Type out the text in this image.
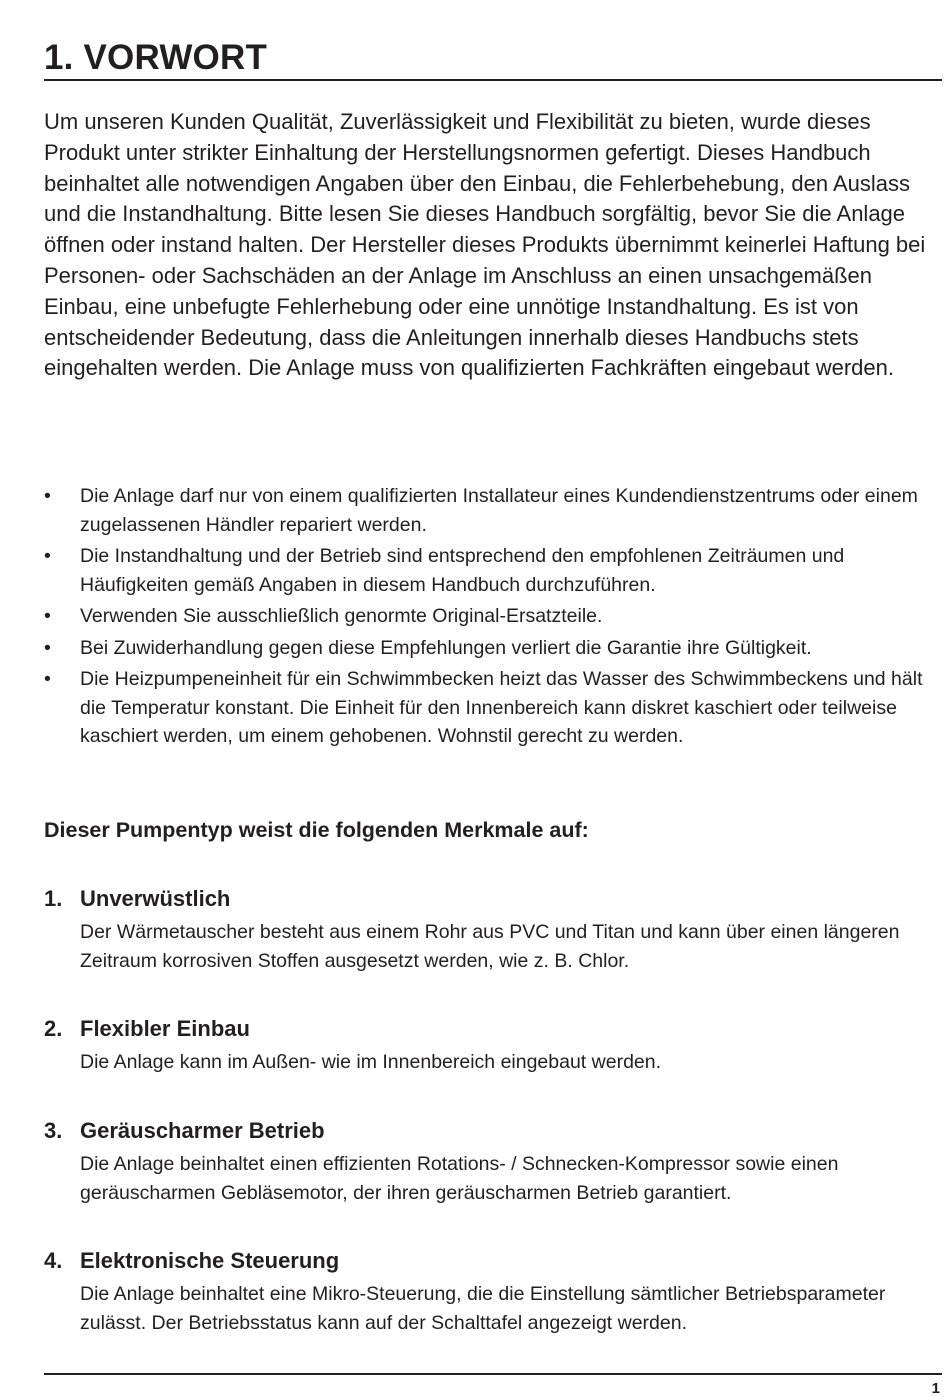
1. VORWORT

Um unseren Kunden Qualität, Zuverlässigkeit und Flexibilität zu bieten, wurde dieses Produkt unter strikter Einhaltung der Herstellungsnormen gefertigt. Dieses Handbuch beinhaltet alle notwendigen Angaben über den Einbau, die Fehlerbehebung, den Auslass und die Instandhaltung. Bitte lesen Sie dieses Handbuch sorgfältig, bevor Sie die Anlage öffnen oder instand halten. Der Hersteller dieses Produkts übernimmt keinerlei Haftung bei Personen- oder Sachschäden an der Anlage im Anschluss an einen unsachgemäßen Einbau, eine unbefugte Fehlerhebung oder eine unnötige Instandhaltung. Es ist von entscheidender Bedeutung, dass die Anleitungen innerhalb dieses Handbuchs stets eingehalten werden. Die Anlage muss von qualifizierten Fachkräften eingebaut werden.

• Die Anlage darf nur von einem qualifizierten Installateur eines Kundendienstzentrums oder einem zugelassenen Händler repariert werden.
• Die Instandhaltung und der Betrieb sind entsprechend den empfohlenen Zeiträumen und Häufigkeiten gemäß Angaben in diesem Handbuch durchzuführen.
• Verwenden Sie ausschließlich genormte Original-Ersatzteile.
• Bei Zuwiderhandlung gegen diese Empfehlungen verliert die Garantie ihre Gültigkeit.
• Die Heizpumpeneinheit für ein Schwimmbecken heizt das Wasser des Schwimmbeckens und hält die Temperatur konstant. Die Einheit für den Innenbereich kann diskret kaschiert oder teilweise kaschiert werden, um einem gehobenen. Wohnstil gerecht zu werden.

Dieser Pumpentyp weist die folgenden Merkmale auf:

1. Unverwüstlich

Der Wärmetauscher besteht aus einem Rohr aus PVC und Titan und kann über einen längeren Zeitraum korrosiven Stoffen ausgesetzt werden, wie z. B. Chlor.

2. Flexibler Einbau

Die Anlage kann im Außen- wie im Innenbereich eingebaut werden.

3. Geräuscharmer Betrieb

Die Anlage beinhaltet einen effizienten Rotations- / Schnecken-Kompressor sowie einen geräuscharmen Gebläsemotor, der ihren geräuscharmen Betrieb garantiert.

4. Elektronische Steuerung

Die Anlage beinhaltet eine Mikro-Steuerung, die die Einstellung sämtlicher Betriebsparameter zulässt. Der Betriebsstatus kann auf der Schalttafel angezeigt werden.

1
